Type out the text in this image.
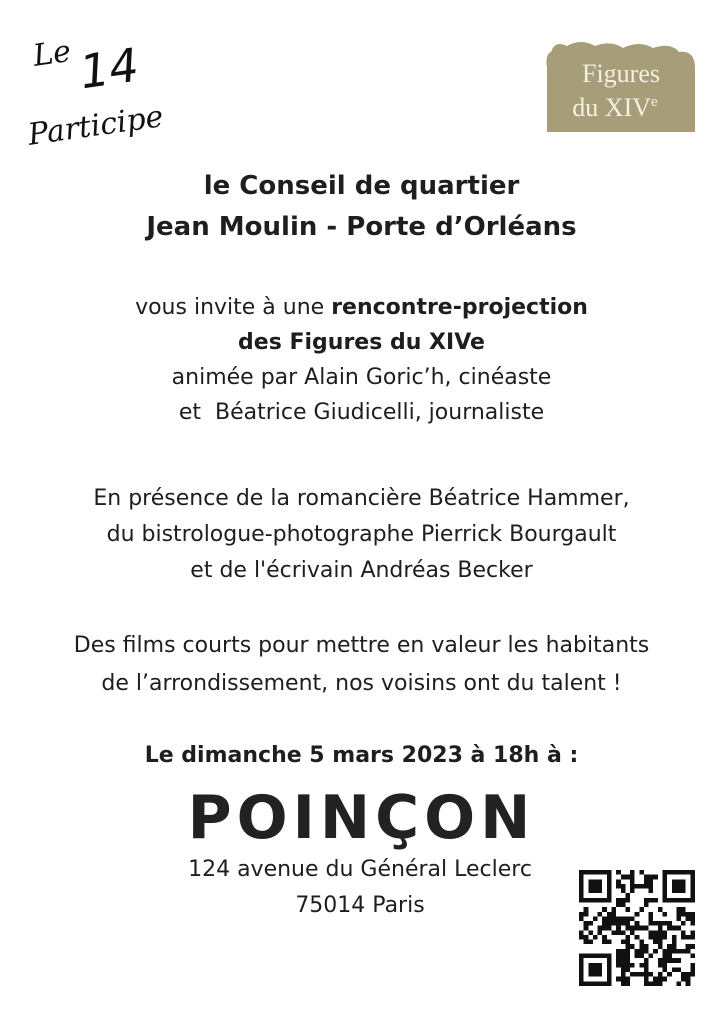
Le 14
Participe
Figures
du XIVe
le Conseil de quartier
Jean Moulin - Porte d’Orléans
vous invite à une rencontre-projection
des Figures du XIVe
animée par Alain Goric’h, cinéaste
et  Béatrice Giudicelli, journaliste
En présence de la romancière Béatrice Hammer,
du bistrologue-photographe Pierrick Bourgault
et de l'écrivain Andréas Becker
Des films courts pour mettre en valeur les habitants
de l’arrondissement, nos voisins ont du talent !
Le dimanche 5 mars 2023 à 18h à :
POINÇON
124 avenue du Général Leclerc
75014 Paris
